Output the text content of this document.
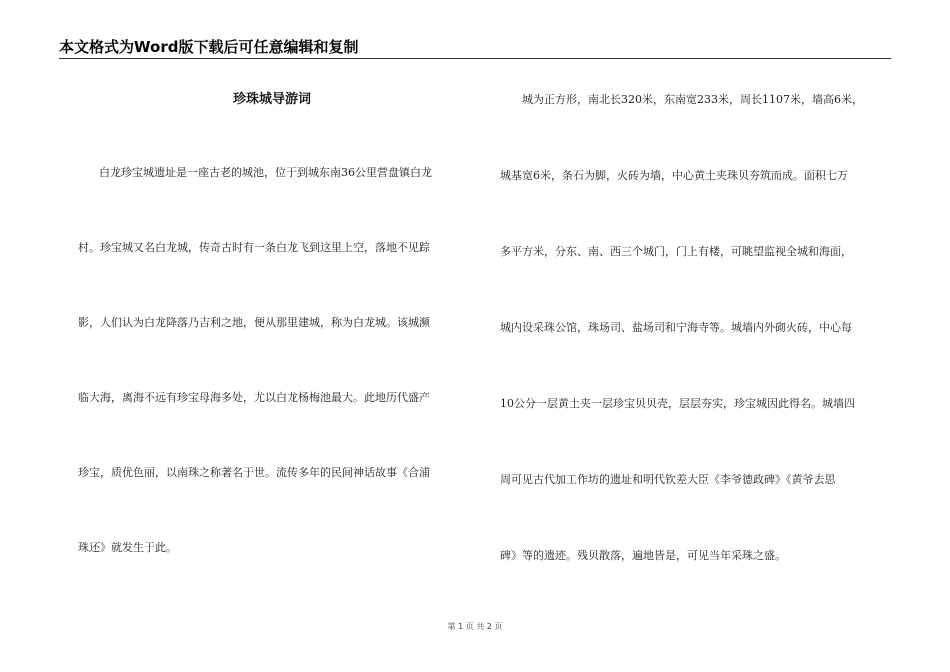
本文格式为Word版下载后可任意编辑和复制
珍珠城导游词
白龙珍宝城遗址是一座古老的城池，位于到城东南36公里营盘镇白龙
村。珍宝城又名白龙城，传奇古时有一条白龙飞到这里上空，落地不见踪
影，人们认为白龙降落乃吉利之地，便从那里建城，称为白龙城。该城濒
临大海，离海不远有珍宝母海多处，尤以白龙杨梅池最大。此地历代盛产
珍宝，质优色丽，以南珠之称著名于世。流传多年的民间神话故事《合浦
珠还》就发生于此。
城为正方形，南北长320米，东南宽233米，周长1107米，墙高6米，
城基宽6米，条石为脚，火砖为墙，中心黄土夹珠贝夯筑而成。面积七万
多平方米，分东、南、西三个城门，门上有楼，可眺望监视全城和海面，
城内设采珠公馆，珠场司、盐场司和宁海寺等。城墙内外砌火砖，中心每
10公分一层黄土夹一层珍宝贝贝壳，层层夯实，珍宝城因此得名。城墙四
周可见古代加工作坊的遗址和明代钦差大臣《李爷德政碑》《黄爷去思
碑》等的遗迹。残贝散落，遍地皆是，可见当年采珠之盛。
第 1 页 共 2 页
